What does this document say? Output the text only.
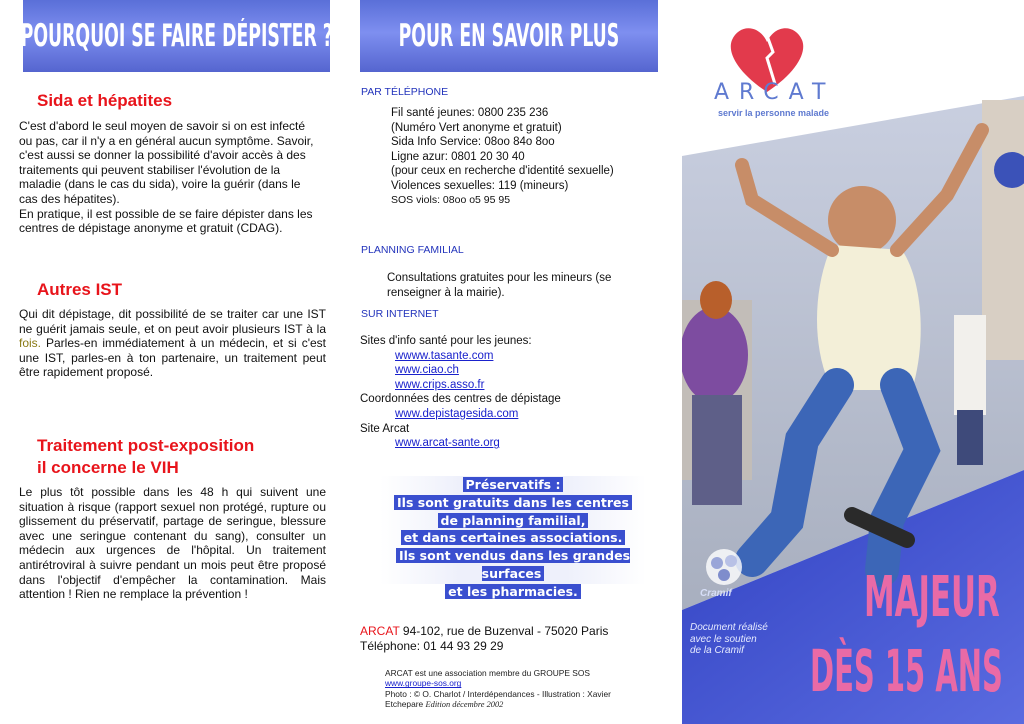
POURQUOI SE FAIRE DÉPISTER ?
Sida et hépatites
C'est d'abord le seul moyen de savoir si on est infecté
ou pas, car il n'y a en général aucun symptôme. Savoir,
c'est aussi se donner la possibilité d'avoir accès à des
traitements qui peuvent stabiliser l'évolution de la
maladie (dans le cas du sida), voire la guérir (dans le
cas des hépatites).
En pratique, il est possible de se faire dépister dans les
centres de dépistage anonyme et gratuit (CDAG).
Autres IST
Qui dit dépistage, dit possibilité de se traiter car une IST ne guérit jamais seule, et on peut avoir plusieurs IST à la fois. Parles-en immédiatement à un médecin, et si c'est une IST, parles-en à ton partenaire, un traitement peut être rapidement proposé.
Traitement post-exposition
il concerne le VIH
Le plus tôt possible dans les 48 h qui suivent une situation à risque (rapport sexuel non protégé, rupture ou glissement du préservatif, partage de seringue, blessure avec une seringue contenant du sang), consulter un médecin aux urgences de l'hôpital. Un traitement antirétroviral à suivre pendant un mois peut être proposé dans l'objectif d'empêcher la contamination. Mais attention ! Rien ne remplace la prévention !
POUR EN SAVOIR PLUS
PAR TÉLÉPHONE
Fil santé jeunes: 0800 235 236
(Numéro Vert anonyme et gratuit)
Sida Info Service: 08oo 84o 8oo
Ligne azur: 0801 20 30 40
(pour ceux en recherche d'identité sexuelle)
Violences sexuelles: 119 (mineurs)
SOS viols: 08oo o5 95 95
PLANNING FAMILIAL
Consultations gratuites pour les mineurs (se
renseigner à la mairie).
SUR INTERNET
Sites d'info santé pour les jeunes:
wwww.tasante.com
www.ciao.ch
www.crips.asso.fr
Coordonnées des centres de dépistage
www.depistagesida.com
Site Arcat
www.arcat-sante.org
Préservatifs :
Ils sont gratuits dans les centres
de planning familial,
et dans certaines associations.
Ils sont vendus dans les grandes surfaces
et les pharmacies.
ARCAT 94-102, rue de Buzenval - 75020 Paris
Téléphone: 01 44 93 29 29
ARCAT est une association membre du GROUPE SOS
www.groupe-sos.org
Photo : © O. Charlot / Interdépendances - Illustration : Xavier
Etchepare Edition décembre 2002
ARCAT
servir la personne malade
Cramif
Document réalisé
avec le soutien
de la Cramif
MAJEUR
DÈS 15 ANS
